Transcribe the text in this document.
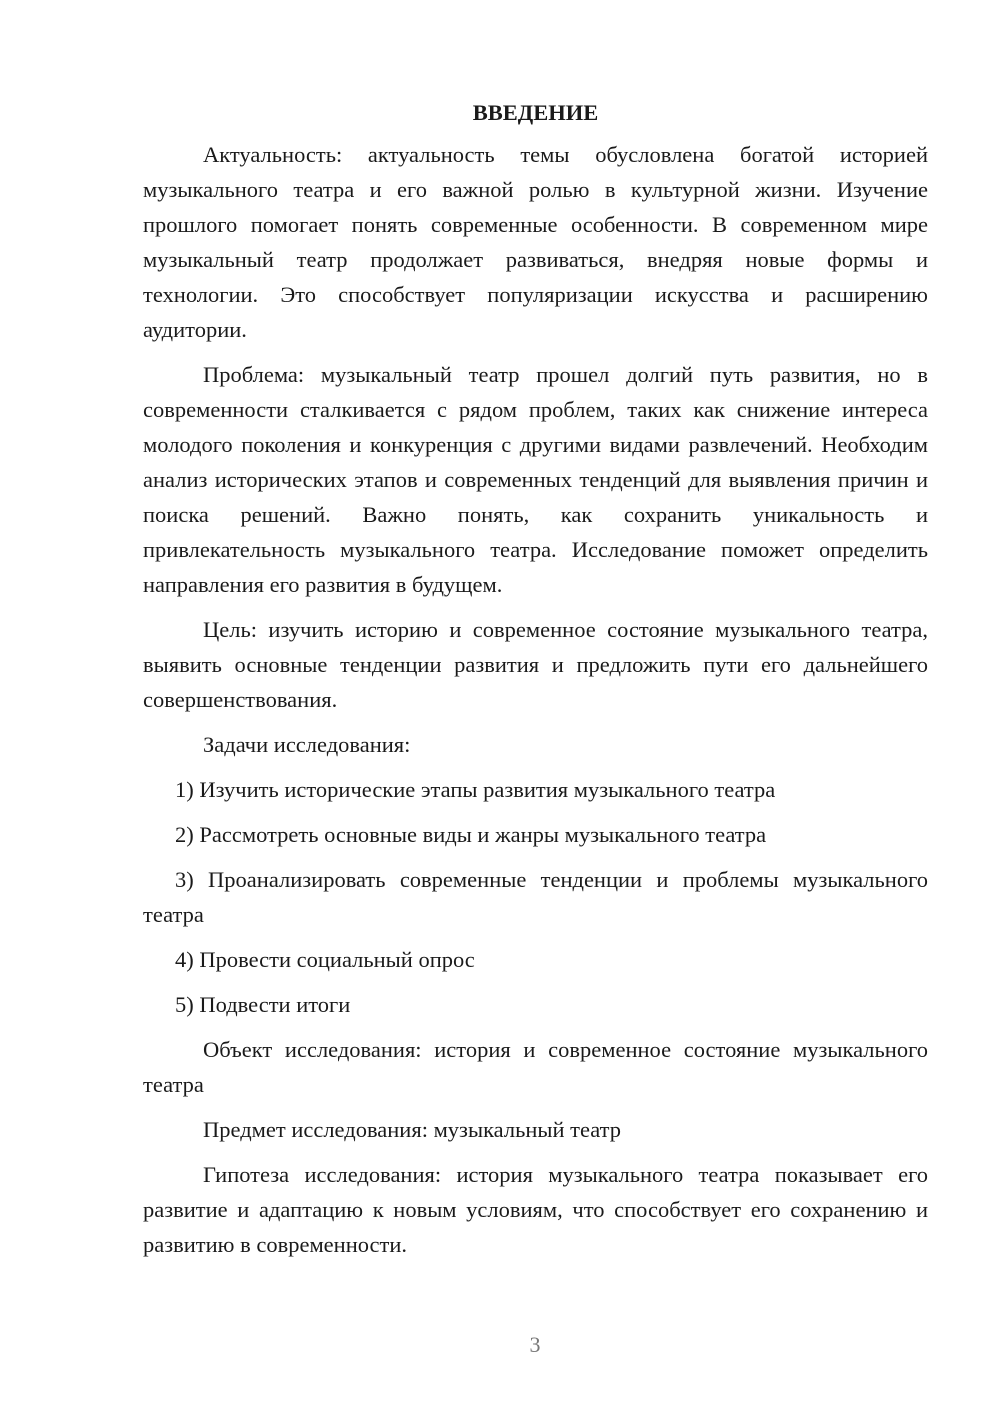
ВВЕДЕНИЕ

Актуальность: актуальность темы обусловлена богатой историей музыкального театра и его важной ролью в культурной жизни. Изучение прошлого помогает понять современные особенности. В современном мире музыкальный театр продолжает развиваться, внедряя новые формы и технологии. Это способствует популяризации искусства и расширению аудитории.

Проблема: музыкальный театр прошел долгий путь развития, но в современности сталкивается с рядом проблем, таких как снижение интереса молодого поколения и конкуренция с другими видами развлечений. Необходим анализ исторических этапов и современных тенденций для выявления причин и поиска решений. Важно понять, как сохранить уникальность и привлекательность музыкального театра. Исследование поможет определить направления его развития в будущем.

Цель: изучить историю и современное состояние музыкального театра, выявить основные тенденции развития и предложить пути его дальнейшего совершенствования.

Задачи исследования:

1) Изучить исторические этапы развития музыкального театра

2) Рассмотреть основные виды и жанры музыкального театра

3) Проанализировать современные тенденции и проблемы музыкального театра

4) Провести социальный опрос

5) Подвести итоги

Объект исследования: история и современное состояние музыкального театра

Предмет исследования: музыкальный театр

Гипотеза исследования: история музыкального театра показывает его развитие и адаптацию к новым условиям, что способствует его сохранению и развитию в современности.

3
